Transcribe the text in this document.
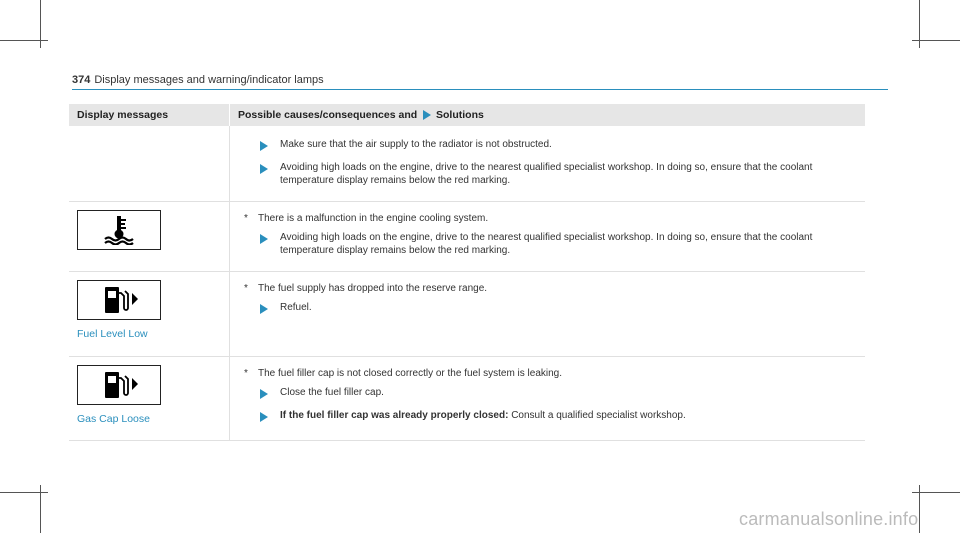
374 Display messages and warning/indicator lamps
Display messages	Possible causes/consequences and Solutions

	Make sure that the air supply to the radiator is not obstructed.
Avoiding high loads on the engine, drive to the nearest qualified specialist workshop. In doing so, ensure that the coolant temperature display remains below the red marking.

* There is a malfunction in the engine cooling system.
Avoiding high loads on the engine, drive to the nearest qualified specialist workshop. In doing so, ensure that the coolant temperature display remains below the red marking.

Fuel Level Low	* The fuel supply has dropped into the reserve range.
Refuel.

Gas Cap Loose	* The fuel filler cap is not closed correctly or the fuel system is leaking.
Close the fuel filler cap.
If the fuel filler cap was already properly closed: Consult a qualified specialist workshop.
carmanualsonline.info
